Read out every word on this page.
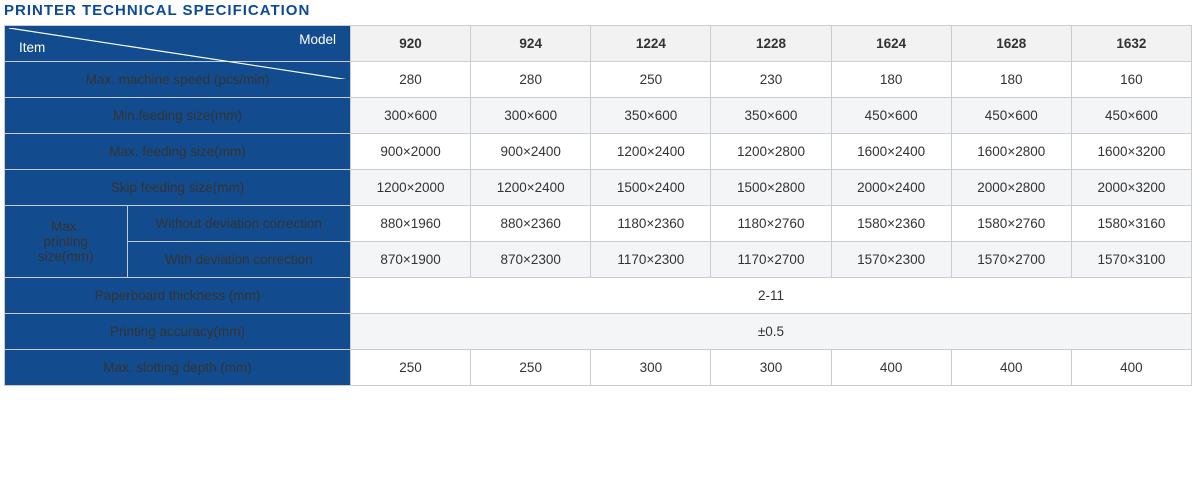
PRINTER TECHNICAL SPECIFICATION
Item
Model		920	924	1224	1228	1624	1628	1632
Max. machine speed (pcs/min)		280	280	250	230	180	180	160
Min.feeding size(mm)		300×600	300×600	350×600	350×600	450×600	450×600	450×600
Max. feeding size(mm)		900×2000	900×2400	1200×2400	1200×2800	1600×2400	1600×2800	1600×3200
Skip feeding size(mm)		1200×2000	1200×2400	1500×2400	1500×2800	2000×2400	2000×2800	2000×3200

Max.
printing
size(mm)	Without deviation correction	880×1960	880×2360	1180×2360	1180×2760	1580×2360	1580×2760	1580×3160
	With deviation correction	870×1900	870×2300	1170×2300	1170×2700	1570×2300	1570×2700	1570×3100
Paperboard thickness (mm)		2-11						
Printing accuracy(mm)		±0.5						
Max. slotting depth (mm)		250	250	300	300	400	400	400
